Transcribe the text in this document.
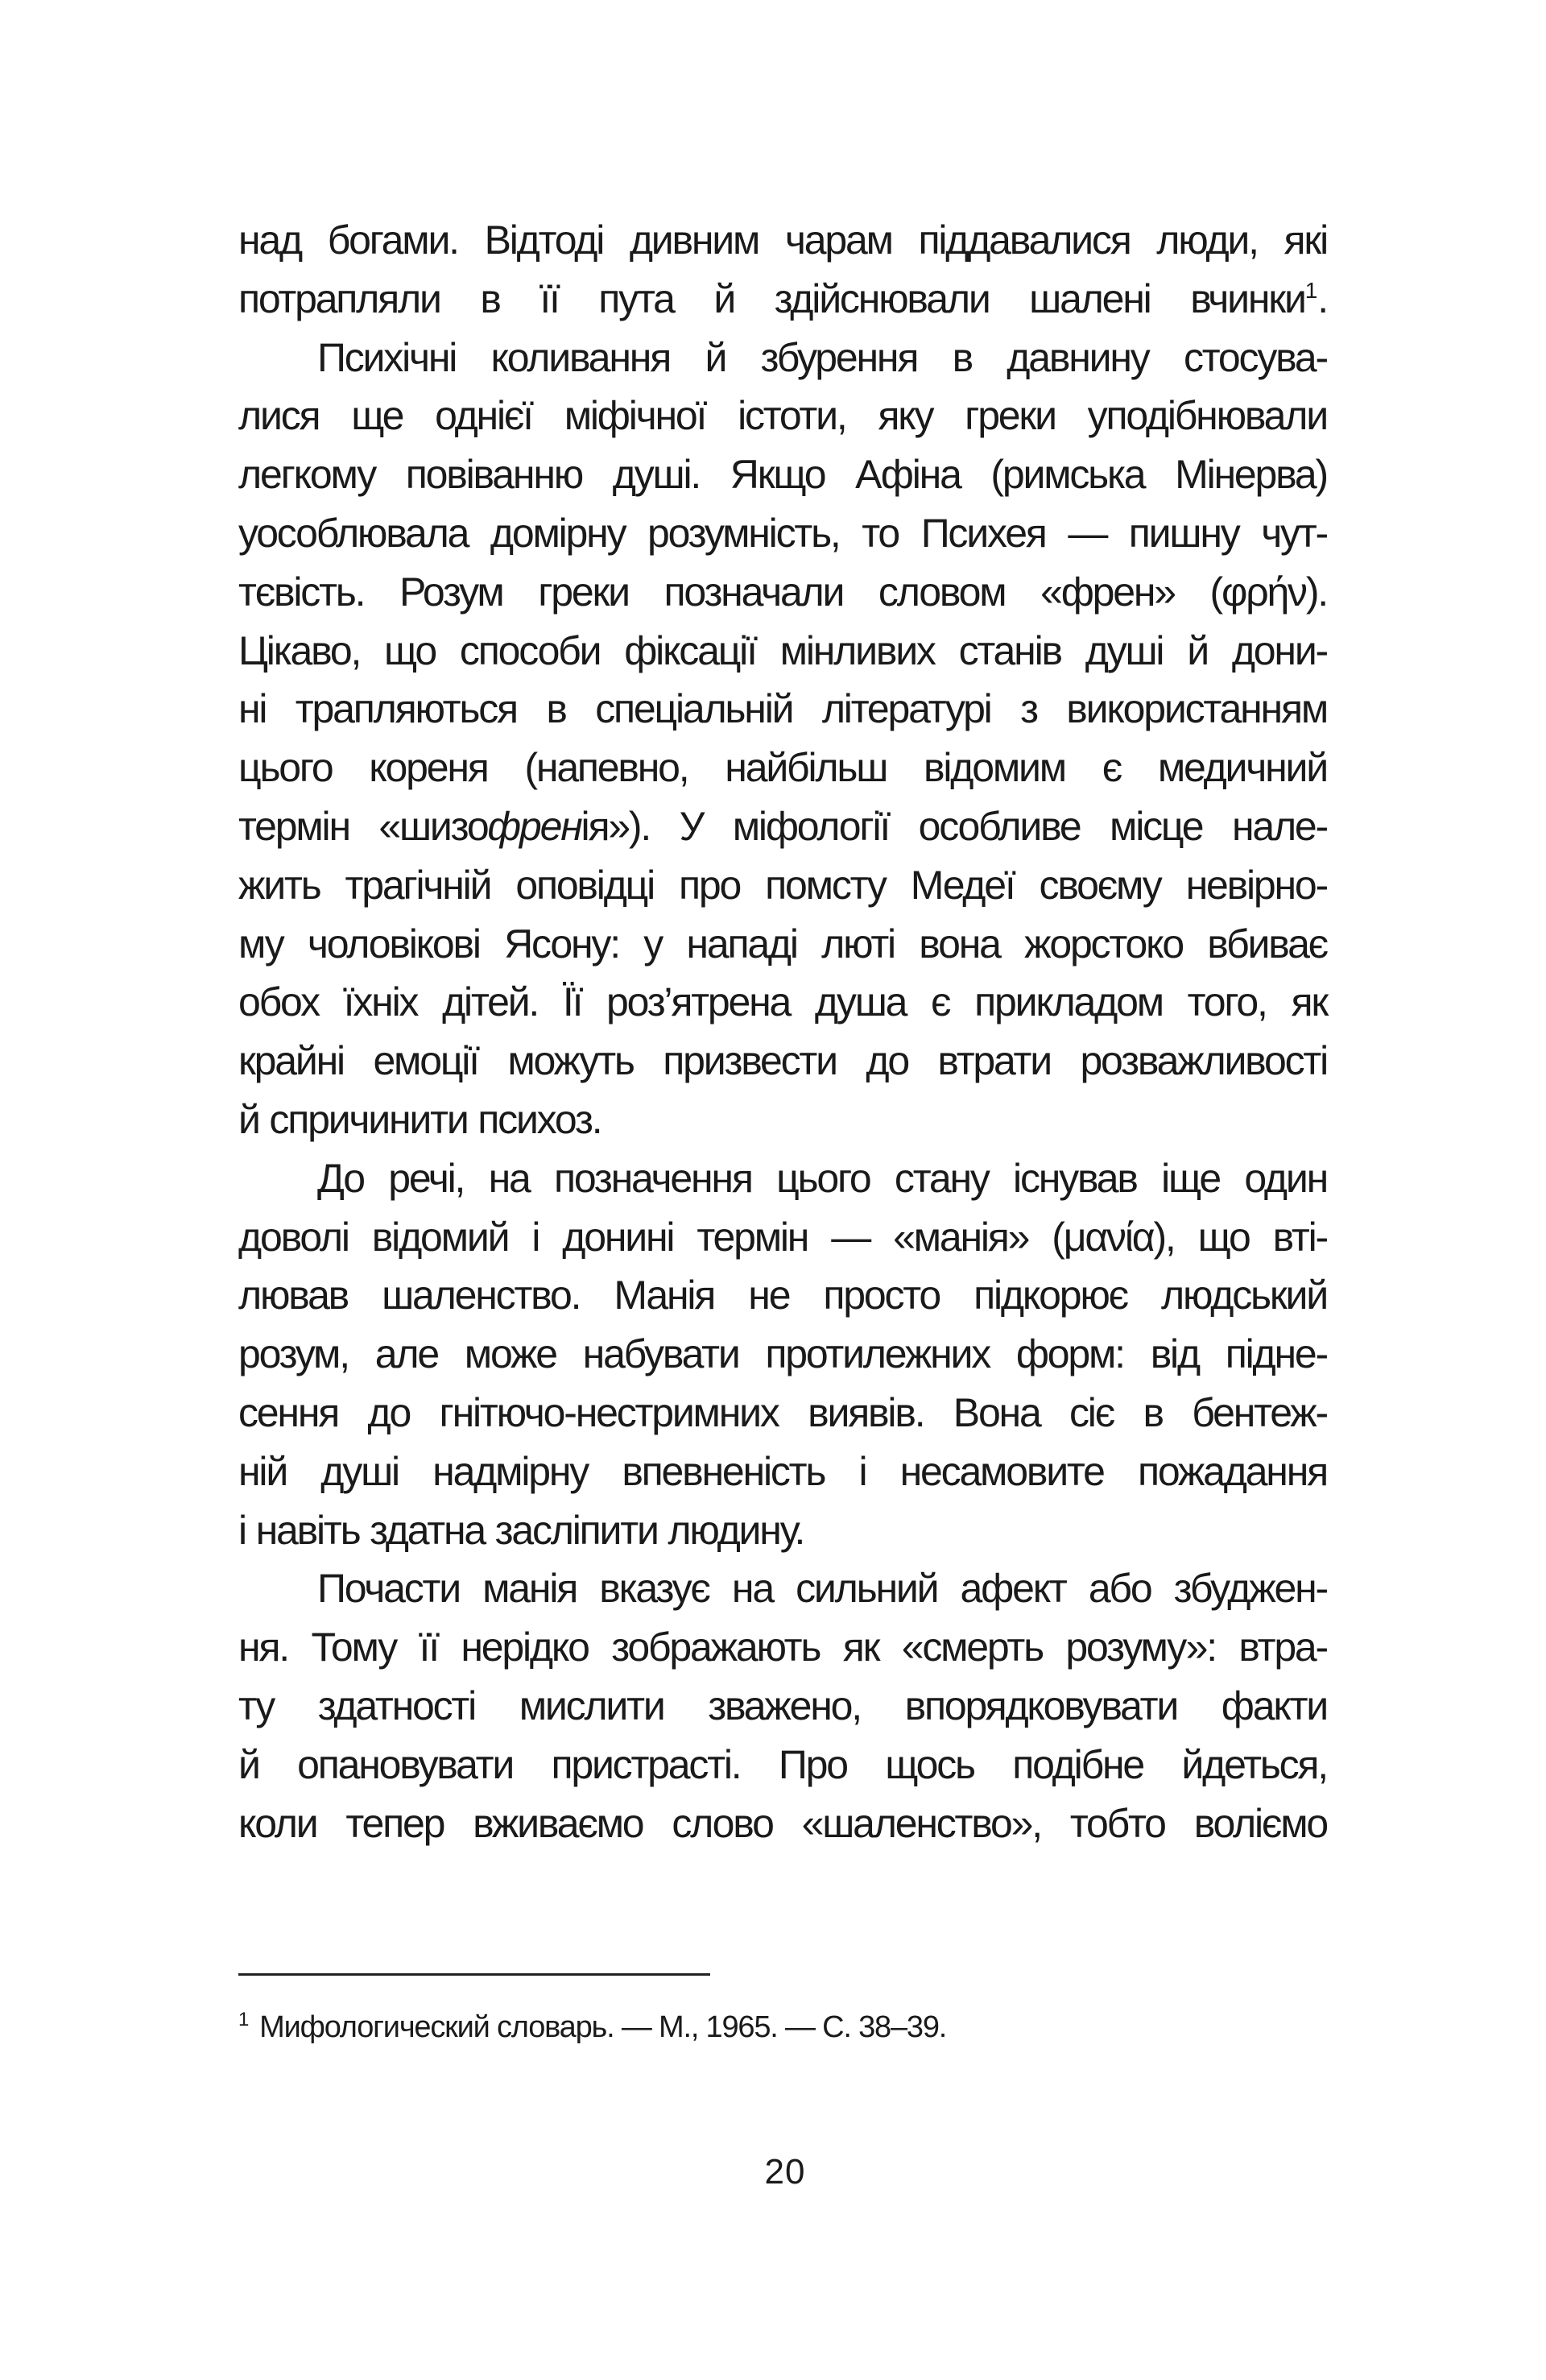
над богами. Відтоді дивним чарам піддавалися люди, які
потрапляли в її пута й здійснювали шалені вчинки$^1$.
Психічні коливання й збурення в давнину стосува-
лися ще однієї міфічної істоти, яку греки уподібнювали
легкому повіванню душі. Якщо Афіна (римська Мінерва)
уособлювала домірну розумність, то Психея — пишну чут-
тєвість. Розум греки позначали словом «френ» (φρήν).
Цікаво, що способи фіксації мінливих станів душі й дони-
ні трапляються в спеціальній літературі з використанням
цього кореня (напевно, найбільш відомим є медичний
термін «шизофренія»). У міфології особливе місце нале-
жить трагічній оповідці про помсту Медеї своєму невірно-
му чоловікові Ясону: у нападі люті вона жорстоко вбиває
обох їхніх дітей. Її роз’ятрена душа є прикладом того, як
крайні емоції можуть призвести до втрати розважливості
й спричинити психоз.
До речі, на позначення цього стану існував іще один
доволі відомий і донині термін — «манія» (μανία), що вті-
лював шаленство. Манія не просто підкорює людський
розум, але може набувати протилежних форм: від підне-
сення до гнітючо-нестримних виявів. Вона сіє в бентеж-
ній душі надмірну впевненість і несамовите пожадання
і навіть здатна засліпити людину.
Почасти манія вказує на сильний афект або збуджен-
ня. Тому її нерідко зображають як «смерть розуму»: втра-
ту здатності мислити зважено, впорядковувати факти
й опановувати пристрасті. Про щось подібне йдеться,
коли тепер вживаємо слово «шаленство», тобто воліємо
$^1$ Мифологический словарь. — М., 1965. — С. 38–39.
20
